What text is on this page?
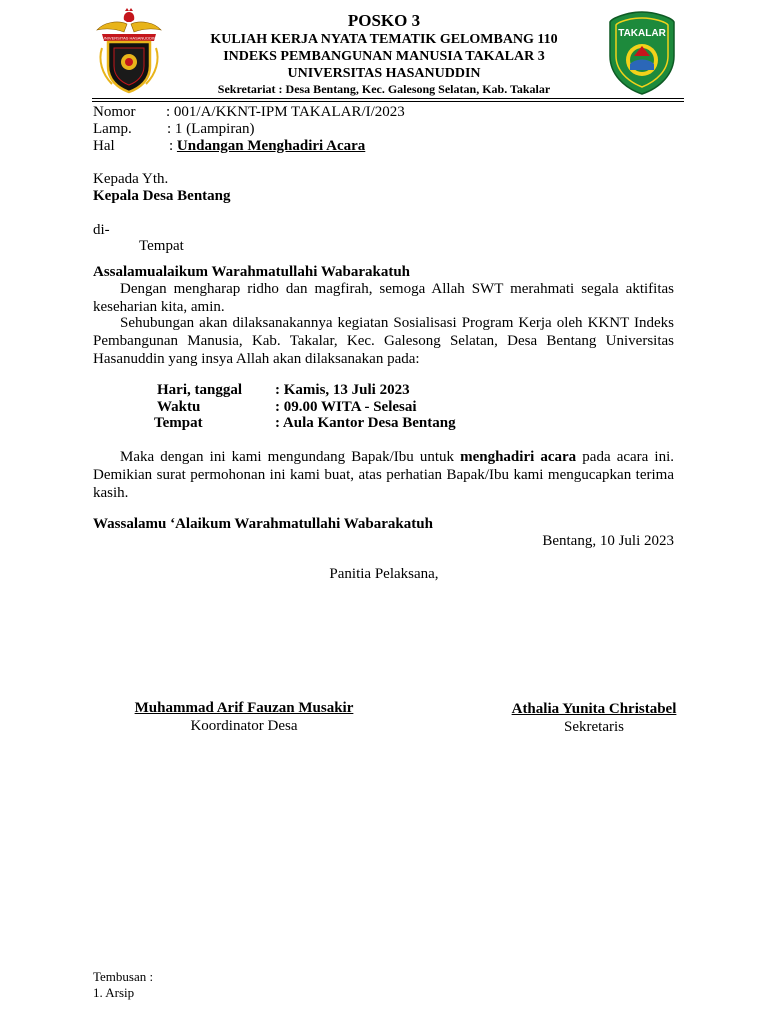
UNIVERSITAS HASANUDDIN	TAKALAR
POSKO 3
KULIAH KERJA NYATA TEMATIK GELOMBANG 110
INDEKS PEMBANGUNAN MANUSIA TAKALAR 3
UNIVERSITAS HASANUDDIN
Sekretariat : Desa Bentang, Kec. Galesong Selatan, Kab. Takalar
Nomor : 001/A/KKNT-IPM TAKALAR/I/2023
Lamp. : 1 (Lampiran)
Hal	: Undangan Menghadiri Acara
Kepada Yth.
Kepala Desa Bentang
di-
Tempat
Assalamualaikum Warahmatullahi Wabarakatuh
Dengan mengharap ridho dan magfirah, semoga Allah SWT merahmati segala aktifitas keseharian kita, amin.
Sehubungan akan dilaksanakannya kegiatan Sosialisasi Program Kerja oleh KKNT Indeks Pembangunan Manusia, Kab. Takalar, Kec. Galesong Selatan, Desa Bentang Universitas Hasanuddin yang insya Allah akan dilaksanakan pada:
Hari, tanggal : Kamis, 13 Juli 2023
Waktu	: 09.00 WITA - Selesai
Tempat	: Aula Kantor Desa Bentang
Maka dengan ini kami mengundang Bapak/Ibu untuk menghadiri acara pada acara ini. Demikian surat permohonan ini kami buat, atas perhatian Bapak/Ibu kami mengucapkan terima kasih.
Wassalamu ‘Alaikum Warahmatullahi Wabarakatuh
Bentang, 10 Juli 2023
Panitia Pelaksana,
Muhammad Arif Fauzan Musakir
Koordinator Desa
Athalia Yunita Christabel
Sekretaris
Tembusan :
1. Arsip
